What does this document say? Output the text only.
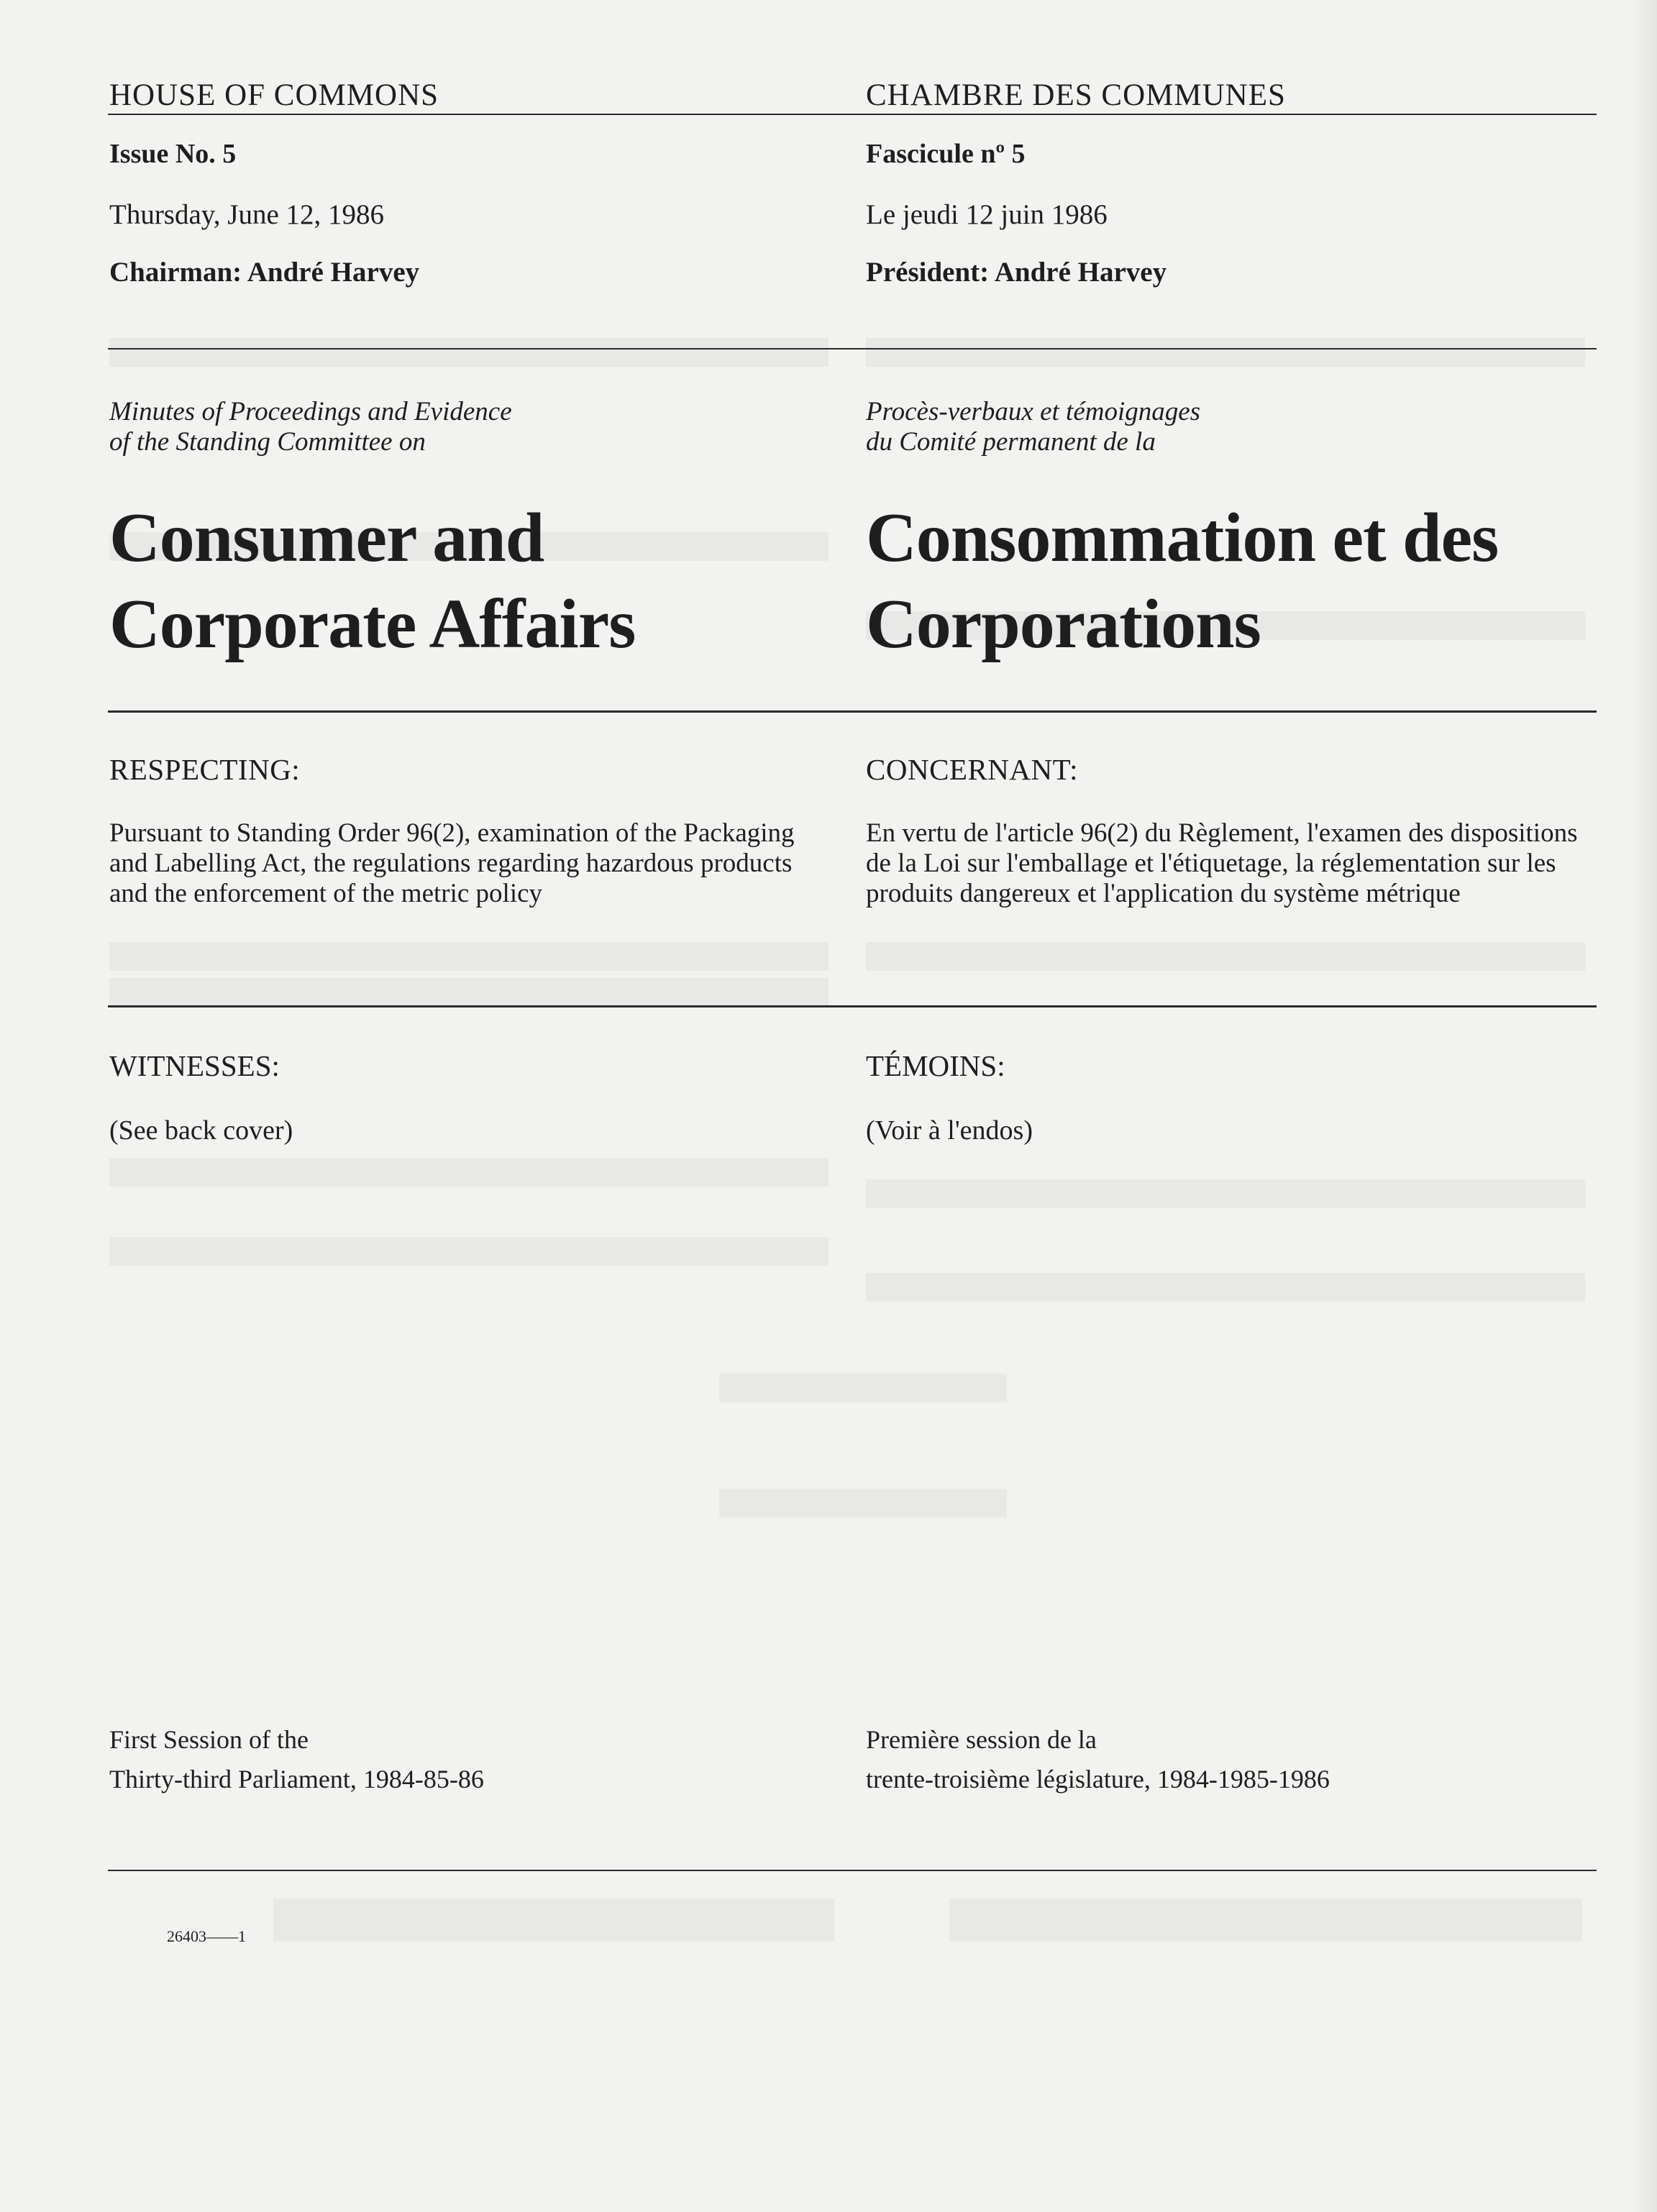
HOUSE OF COMMONS

Issue No. 5

Thursday, June 12, 1986

Chairman: André Harvey

Minutes of Proceedings and Evidence
of the Standing Committee on
Consumer and
Corporate Affairs

RESPECTING:

Pursuant to Standing Order 96(2), examination of the Packaging and Labelling Act, the regulations regarding hazardous products and the enforcement of the metric policy

WITNESSES:

(See back cover)

First Session of the
Thirty-third Parliament, 1984-85-86

CHAMBRE DES COMMUNES

Fascicule nº 5

Le jeudi 12 juin 1986

Président: André Harvey

Procès-verbaux et témoignages
du Comité permanent de la
Consommation et des
Corporations

CONCERNANT:

En vertu de l'article 96(2) du Règlement, l'examen des dispositions de la Loi sur l'emballage et l'étiquetage, la réglementation sur les produits dangereux et l'application du système métrique

TÉMOINS:

(Voir à l'endos)

Première session de la
trente-troisième législature, 1984-1985-1986
26403——1
